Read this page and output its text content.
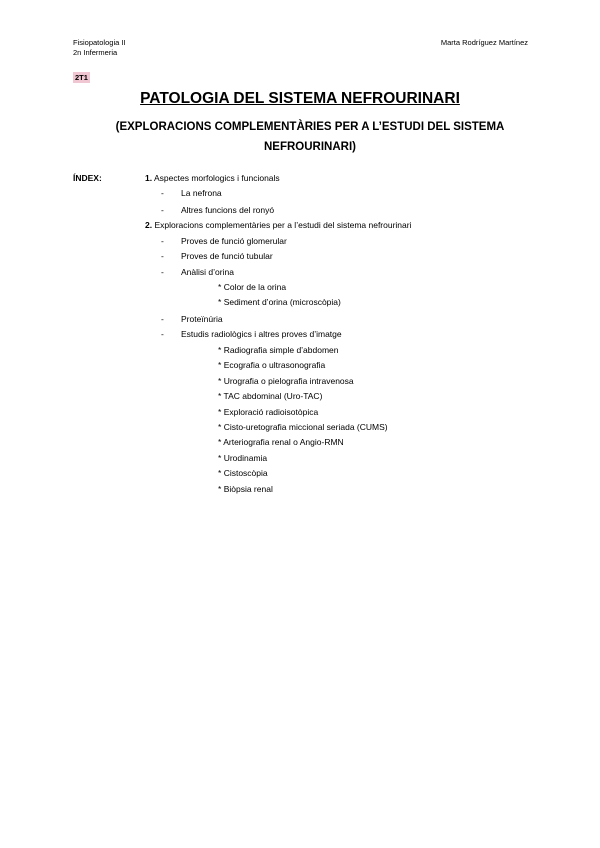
Fisiopatologia II
2n Infermeria
Marta Rodríguez Martínez
2T1
PATOLOGIA DEL SISTEMA NEFROURINARI
(EXPLORACIONS COMPLEMENTÀRIES PER A L’ESTUDI DEL SISTEMA NEFROURINARI)
ÍNDEX:	1. Aspectes morfologics i funcionals
- La nefrona
- Altres funcions del ronyó
2. Exploracions complementàries per a l’estudi del sistema nefrourinari
- Proves de funció glomerular
- Proves de funció tubular
- Anàlisi d’orina
* Color de la orina
* Sediment d’orina (microscòpia)
- Proteïnúria
- Estudis radiològics i altres proves d’imatge
* Radiografia simple d’abdomen
* Ecografia o ultrasonografia
* Urografia o pielografia intravenosa
* TAC abdominal (Uro-TAC)
* Exploració radioisotòpica
* Cisto-uretografia miccional seriada (CUMS)
* Arteriografia renal o Angio-RMN
* Urodinamia
* Cistoscòpia
* Biòpsia renal
